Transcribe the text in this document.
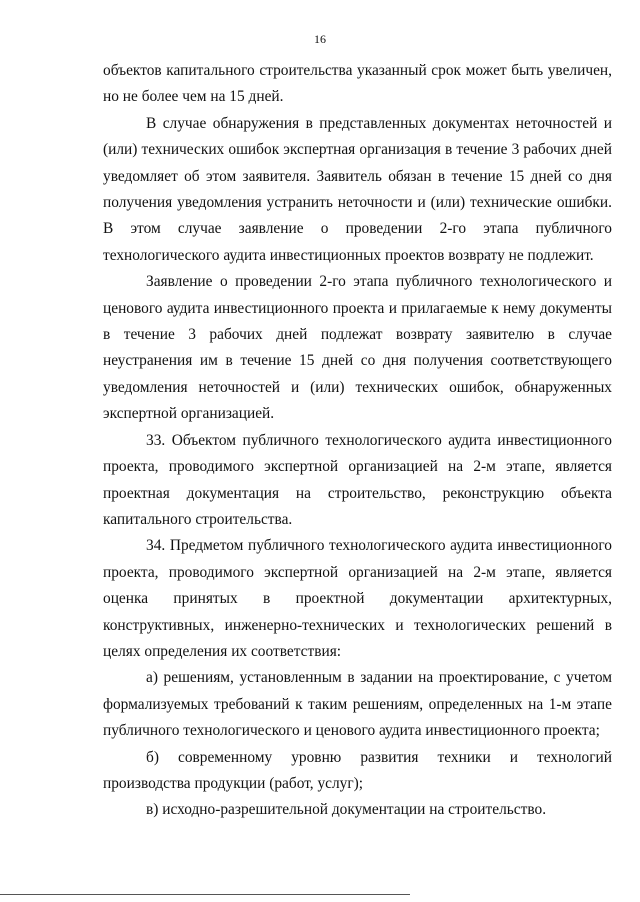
16

объектов капитального строительства указанный срок может быть увеличен, но не более чем на 15 дней.

В случае обнаружения в представленных документах неточностей и (или) технических ошибок экспертная организация в течение 3 рабочих дней уведомляет об этом заявителя. Заявитель обязан в течение 15 дней со дня получения уведомления устранить неточности и (или) технические ошибки. В этом случае заявление о проведении 2-го этапа публичного технологического аудита инвестиционных проектов возврату не подлежит.

Заявление о проведении 2-го этапа публичного технологического и ценового аудита инвестиционного проекта и прилагаемые к нему документы в течение 3 рабочих дней подлежат возврату заявителю в случае неустранения им в течение 15 дней со дня получения соответствующего уведомления неточностей и (или) технических ошибок, обнаруженных экспертной организацией.

33. Объектом публичного технологического аудита инвестиционного проекта, проводимого экспертной организацией на 2-м этапе, является проектная документация на строительство, реконструкцию объекта капитального строительства.

34. Предметом публичного технологического аудита инвестиционного проекта, проводимого экспертной организацией на 2-м этапе, является оценка принятых в проектной документации архитектурных, конструктивных, инженерно-технических и технологических решений в целях определения их соответствия:

а) решениям, установленным в задании на проектирование, с учетом формализуемых требований к таким решениям, определенных на 1-м этапе публичного технологического и ценового аудита инвестиционного проекта;

б) современному уровню развития техники и технологий производства продукции (работ, услуг);

в) исходно-разрешительной документации на строительство.
